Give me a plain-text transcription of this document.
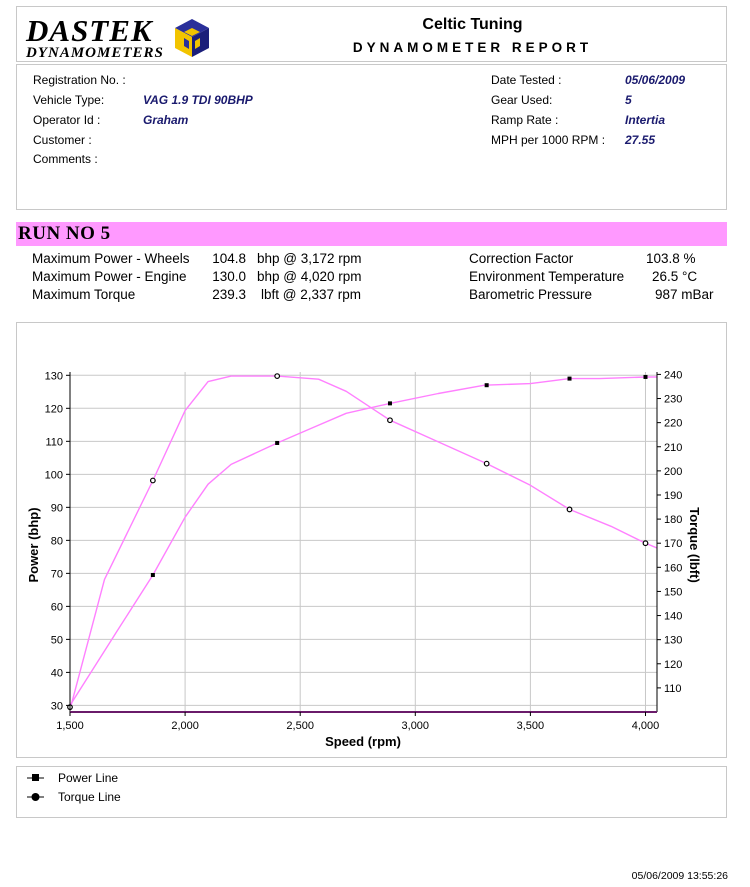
DASTEK
DYNAMOMETERS
Celtic Tuning
DYNAMOMETER REPORT
Registration No. :
Vehicle Type:	VAG 1.9 TDI 90BHP
Operator Id :	Graham
Customer :
Comments :
Date Tested :	05/06/2009
Gear Used:	5
Ramp Rate :	Intertia
MPH per 1000 RPM : 27.55
RUN NO 5
Maximum Power - Wheels	104.8 bhp @ 3,172 rpm
Maximum Power - Engine	130.0 bhp @ 4,020 rpm
Maximum Torque	239.3 lbft @ 2,337 rpm
Correction Factor	103.8 %
Environment Temperature 26.5 °C
Barometric Pressure	987 mBar
30
40
50
60
70
80
90
100
110
120
130
110
120
130
140
150
160
170
180
190
200
210
220
230
240
1,500	2,000	2,500	3,000	3,500	4,000
Speed (rpm)
Power (bhp)	Torque (lbft)
Power Line
Torque Line
05/06/2009 13:55:26
